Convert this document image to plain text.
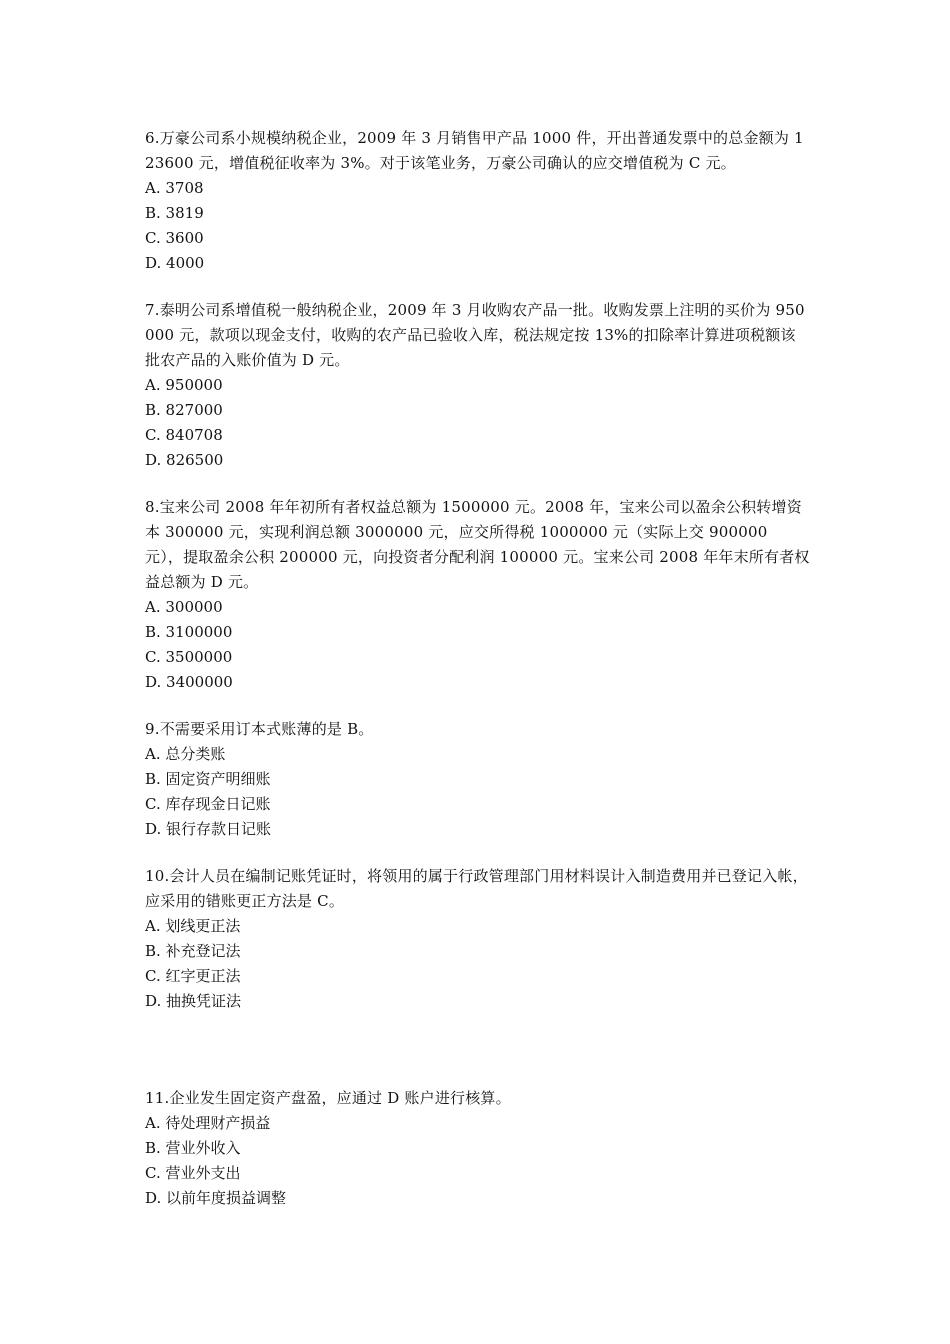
6.万豪公司系小规模纳税企业，2009 年 3 月销售甲产品 1000 件，开出普通发票中的总金额为 123600 元，增值税征收率为 3%。对于该笔业务，万豪公司确认的应交增值税为 C 元。

A. 3708

B. 3819

C. 3600

D. 4000

7.泰明公司系增值税一般纳税企业，2009 年 3 月收购农产品一批。收购发票上注明的买价为 950000 元，款项以现金支付，收购的农产品已验收入库，税法规定按 13%的扣除率计算进项税额该批农产品的入账价值为 D 元。

A. 950000

B. 827000

C. 840708

D. 826500

8.宝来公司 2008 年年初所有者权益总额为 1500000 元。2008 年，宝来公司以盈余公积转增资本 300000 元，实现利润总额 3000000 元，应交所得税 1000000 元（实际上交 900000 元），提取盈余公积 200000 元，向投资者分配利润 100000 元。宝来公司 2008 年年末所有者权益总额为 D 元。

A. 300000

B. 3100000

C. 3500000

D. 3400000

9.不需要采用订本式账薄的是 B。

A. 总分类账

B. 固定资产明细账

C. 库存现金日记账

D. 银行存款日记账

10.会计人员在编制记账凭证时，将领用的属于行政管理部门用材料误计入制造费用并已登记入帐，应采用的错账更正方法是 C。

A. 划线更正法

B. 补充登记法

C. 红字更正法

D. 抽换凭证法

11.企业发生固定资产盘盈，应通过 D 账户进行核算。

A. 待处理财产损益

B. 营业外收入

C. 营业外支出

D. 以前年度损益调整
